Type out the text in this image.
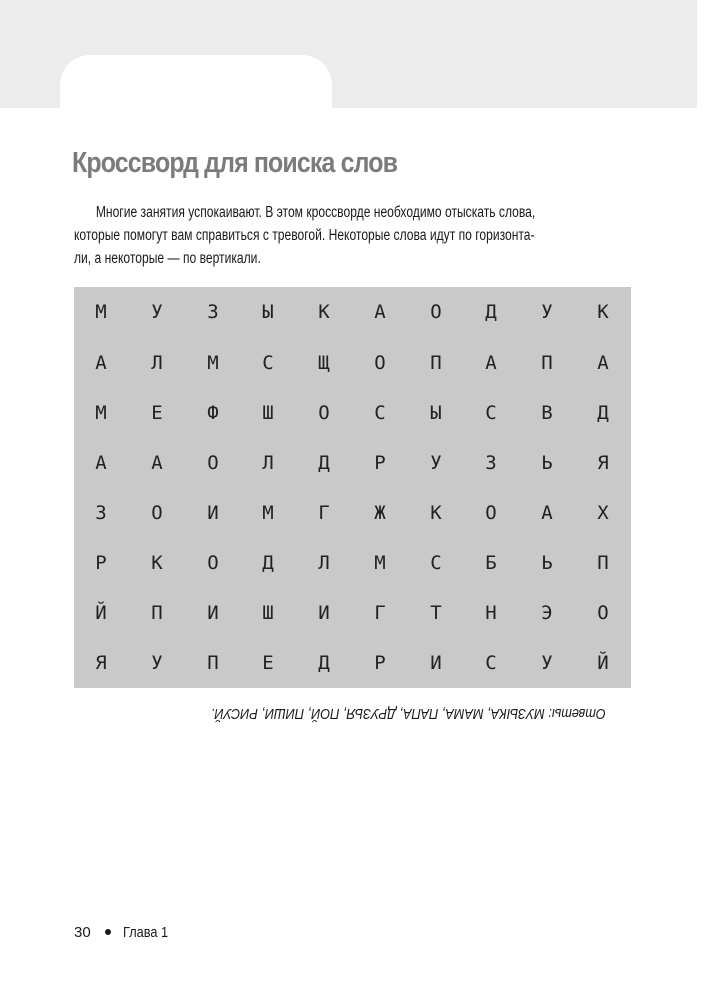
Кроссворд для поиска слов

Многие занятия успокаивают. В этом кроссворде необходимо отыскать слова,
которые помогут вам справиться с тревогой. Некоторые слова идут по горизонта-
ли, а некоторые — по вертикали.

М	У	З	Ы	К	А	О	Д	У	К
А	Л	М	С	Щ	О	П	А	П	А
М	Е	Ф	Ш	О	С	Ы	С	В	Д
А	А	О	Л	Д	Р	У	З	Ь	Я
З	О	И	М	Г	Ж	К	О	А	Х
Р	К	О	Д	Л	М	С	Б	Ь	П
Й	П	И	Ш	И	Г	Т	Н	Э	О
Я	У	П	Е	Д	Р	И	С	У	Й

Ответы: МУЗЫКА, МАМА, ПАПА, ДРУЗЬЯ, ПОЙ, ПИШИ, РИСУЙ.

30 Глава 1
